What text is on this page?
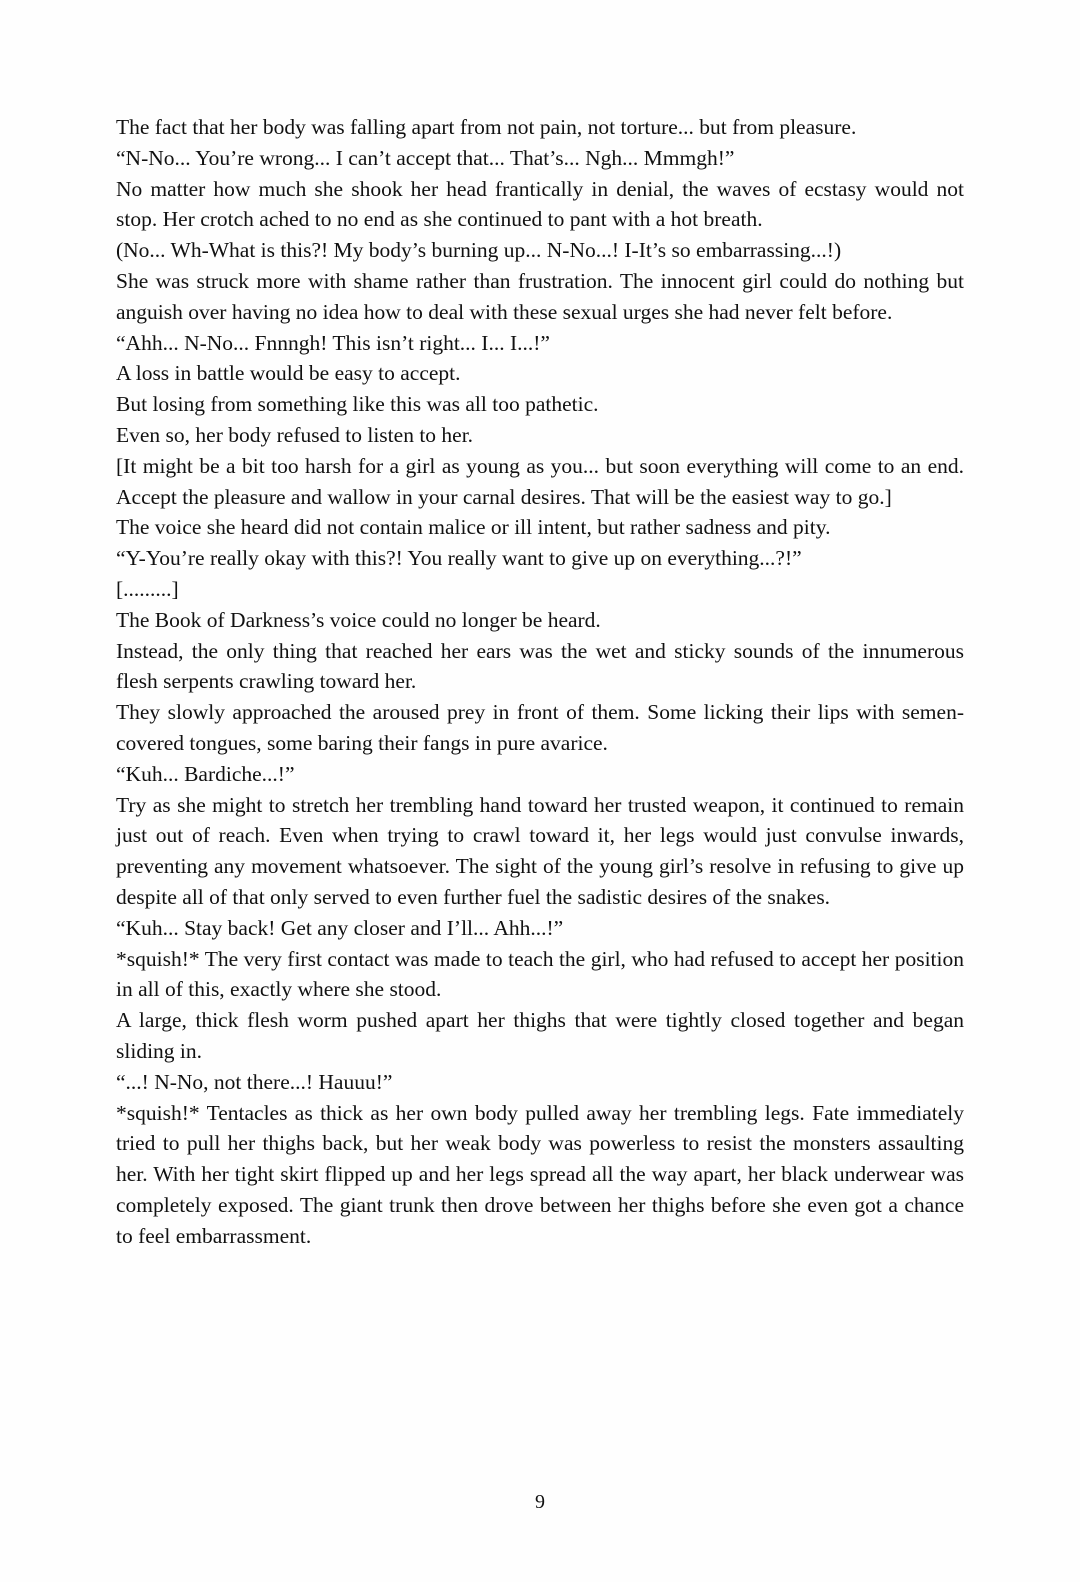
The fact that her body was falling apart from not pain, not torture... but from pleasure.

“N-No... You’re wrong... I can’t accept that... That’s... Ngh... Mmmgh!”

No matter how much she shook her head frantically in denial, the waves of ecstasy would not stop. Her crotch ached to no end as she continued to pant with a hot breath.

(No... Wh-What is this?! My body’s burning up... N-No...! I-It’s so embarrassing...!)

She was struck more with shame rather than frustration. The innocent girl could do nothing but anguish over having no idea how to deal with these sexual urges she had never felt before.

“Ahh... N-No... Fnnngh! This isn’t right... I... I...!”

A loss in battle would be easy to accept.

But losing from something like this was all too pathetic.

Even so, her body refused to listen to her.

[It might be a bit too harsh for a girl as young as you... but soon everything will come to an end. Accept the pleasure and wallow in your carnal desires. That will be the easiest way to go.]

The voice she heard did not contain malice or ill intent, but rather sadness and pity.

“Y-You’re really okay with this?! You really want to give up on everything...?!”

[.........]

The Book of Darkness’s voice could no longer be heard.

Instead, the only thing that reached her ears was the wet and sticky sounds of the innumerous flesh serpents crawling toward her.

They slowly approached the aroused prey in front of them. Some licking their lips with semen-covered tongues, some baring their fangs in pure avarice.

“Kuh... Bardiche...!”

Try as she might to stretch her trembling hand toward her trusted weapon, it continued to remain just out of reach. Even when trying to crawl toward it, her legs would just convulse inwards, preventing any movement whatsoever. The sight of the young girl’s resolve in refusing to give up despite all of that only served to even further fuel the sadistic desires of the snakes.

“Kuh... Stay back! Get any closer and I’ll... Ahh...!”

*squish!* The very first contact was made to teach the girl, who had refused to accept her position in all of this, exactly where she stood.

A large, thick flesh worm pushed apart her thighs that were tightly closed together and began sliding in.

“...! N-No, not there...! Hauuu!”

*squish!* Tentacles as thick as her own body pulled away her trembling legs. Fate immediately tried to pull her thighs back, but her weak body was powerless to resist the monsters assaulting her. With her tight skirt flipped up and her legs spread all the way apart, her black underwear was completely exposed. The giant trunk then drove between her thighs before she even got a chance to feel embarrassment.

9
